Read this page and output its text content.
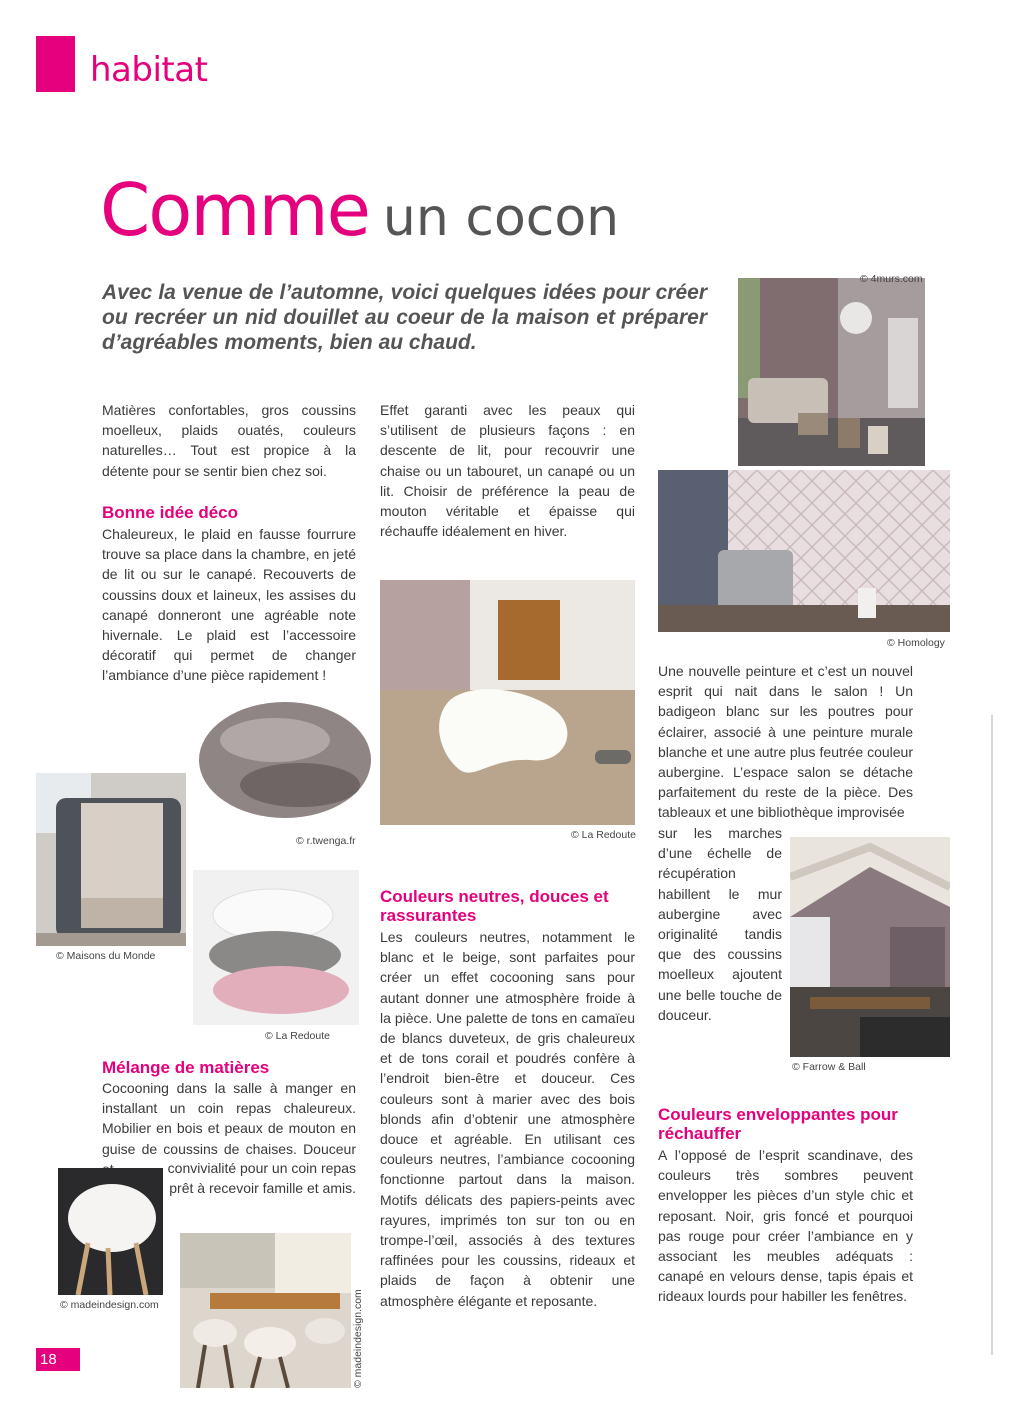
habitat
Comme un cocon

Avec la venue de l’automne, voici quelques idées pour créer ou recréer un nid douillet au coeur de la maison et préparer d’agréables moments, bien au chaud.

Matières confortables, gros coussins moelleux, plaids ouatés, couleurs naturelles… Tout est propice à la détente pour se sentir bien chez soi.

Bonne idée déco

Chaleureux, le plaid en fausse fourrure trouve sa place dans la chambre, en jeté de lit ou sur le canapé. Recouverts de coussins doux et laineux, les assises du canapé donneront une agréable note hivernale. Le plaid est l’accessoire décoratif qui permet de changer l’ambiance d’une pièce rapidement !

Mélange de matières

Cocooning dans la salle à manger en installant un coin repas chaleureux. Mobilier en bois et peaux de mouton en guise de coussins de chaises. Douceur

convivialité pour un coin repas prêt à recevoir famille et amis.

Effet garanti avec les peaux qui s’utilisent de plusieurs façons : en descente de lit, pour recouvrir une chaise ou un tabouret, un canapé ou un lit. Choisir de préférence la peau de mouton véritable et épaisse qui réchauffe idéalement en hiver.

Couleurs neutres, douces et rassurantes

Les couleurs neutres, notamment le blanc et le beige, sont parfaites pour créer un effet cocooning sans pour autant donner une atmosphère froide à la pièce. Une palette de tons en camaïeu de blancs duveteux, de gris chaleureux et de tons corail et poudrés confère à l’endroit bien-être et douceur. Ces couleurs sont à marier avec des bois blonds afin d’obtenir une atmosphère douce et agréable. En utilisant ces couleurs neutres, l’ambiance cocooning fonctionne partout dans la maison. Motifs délicats des papiers-peints avec rayures, imprimés ton sur ton ou en trompe-l’œil, associés à des textures raffinées pour les coussins, rideaux et plaids de façon à obtenir une atmosphère élégante et reposante.

Une nouvelle peinture et c’est un nouvel esprit qui nait dans le salon ! Un badigeon blanc sur les poutres pour éclairer, associé à une peinture murale blanche et une autre plus feutrée couleur aubergine. L’espace salon se détache parfaitement du reste de la pièce. Des tableaux et une bibliothèque improvisée

sur les marches d’une échelle de récupération habillent le mur aubergine avec originalité tandis que des coussins moelleux ajoutent une belle touche de douceur.

Couleurs enveloppantes pour réchauffer

A l’opposé de l’esprit scandinave, des couleurs très sombres peuvent envelopper les pièces d’un style chic et reposant. Noir, gris foncé et pourquoi pas rouge pour créer l’ambiance en y associant les meubles adéquats : canapé en velours dense, tapis épais et rideaux lourds pour habiller les fenêtres.

© 4murs.com
© Homology
© La Redoute
© r.twenga.fr
© Maisons du Monde
© La Redoute
© Farrow & Ball
© madeindesign.com	© madeindesign.com
18
